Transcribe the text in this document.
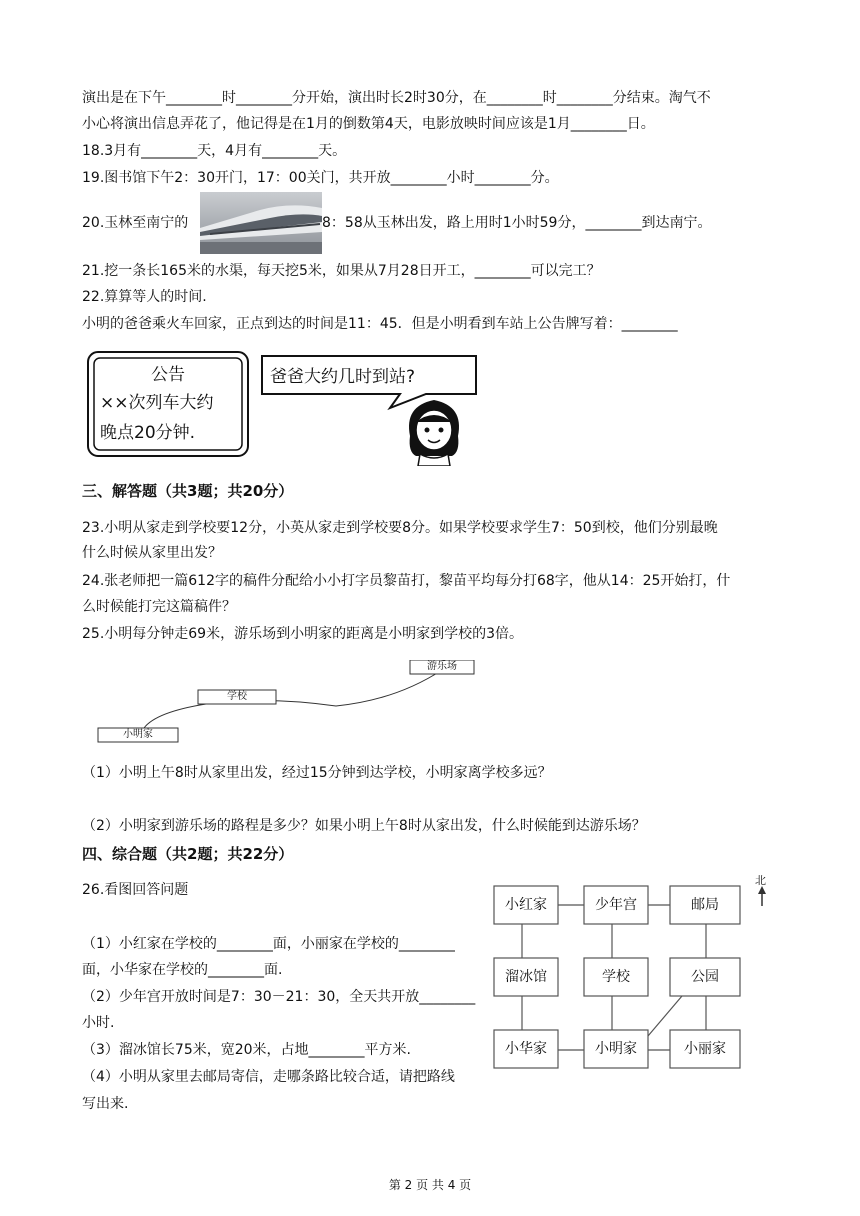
演出是在下午________时________分开始，演出时长2时30分，在________时________分结束。淘气不
小心将演出信息弄花了，他记得是在1月的倒数第4天，电影放映时间应该是1月________日。
18.3月有________天，4月有________天。
19.图书馆下午2：30开门，17：00关门，共开放________小时________分。
20.玉林至南宁的	8：58从玉林出发，路上用时1小时59分，________到达南宁。
21.挖一条长165米的水渠，每天挖5米，如果从7月28日开工，________可以完工？
22.算算等人的时间.
小明的爸爸乘火车回家，正点到达的时间是11：45．但是小明看到车站上公告牌写着：________
公告
××次列车大约
晚点20分钟.
爸爸大约几时到站?
三、解答题（共3题；共20分）
23.小明从家走到学校要12分，小英从家走到学校要8分。如果学校要求学生7：50到校，他们分别最晚
什么时候从家里出发？
24.张老师把一篇612字的稿件分配给小小打字员黎苗打，黎苗平均每分打68字，他从14：25开始打，什
么时候能打完这篇稿件？
25.小明每分钟走69米，游乐场到小明家的距离是小明家到学校的3倍。
小明家
学校
游乐场
（1）小明上午8时从家里出发，经过15分钟到达学校，小明家离学校多远？
（2）小明家到游乐场的路程是多少？如果小明上午8时从家出发，什么时候能到达游乐场？
四、综合题（共2题；共22分）
26.看图回答问题
（1）小红家在学校的________面，小丽家在学校的________
面，小华家在学校的________面.
（2）少年宫开放时间是7：30－21：30，全天共开放________
小时.
（3）溜冰馆长75米，宽20米，占地________平方米.
（4）小明从家里去邮局寄信，走哪条路比较合适，请把路线
写出来.
北
小红家	少年宫	邮局
溜冰馆	学校	公园
小华家	小明家	小丽家
第 2 页 共 4 页
